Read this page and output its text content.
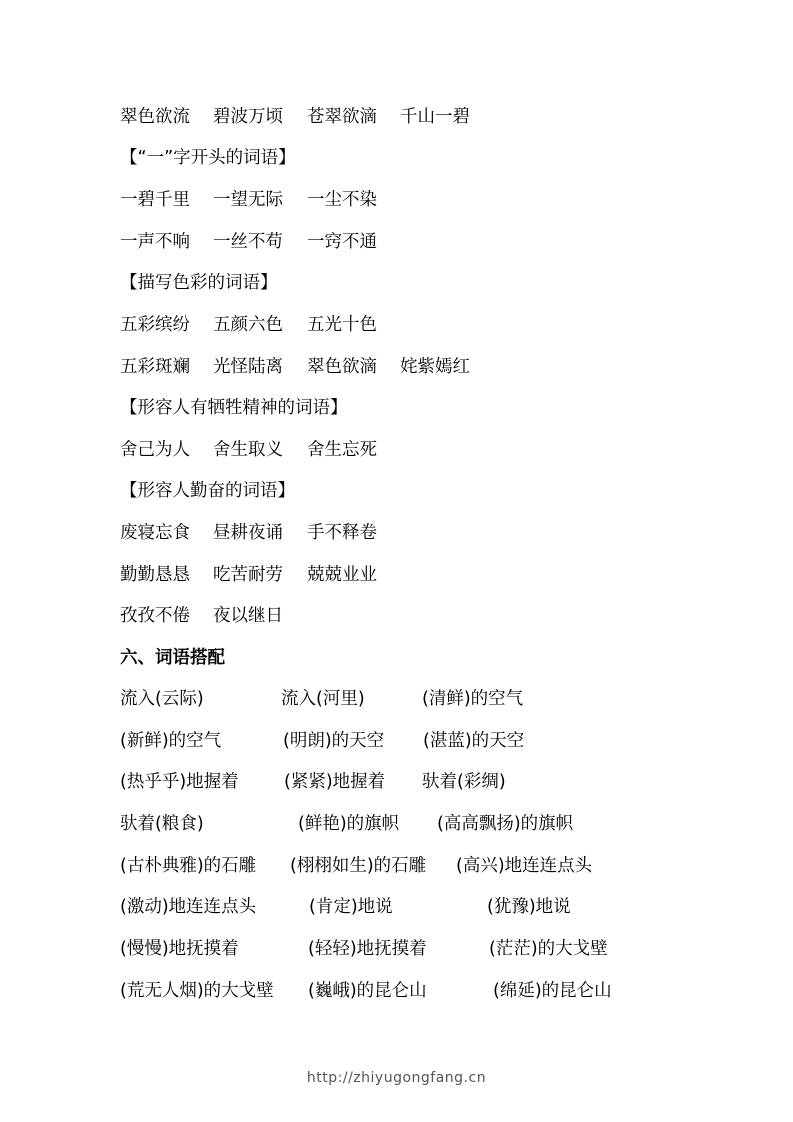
翠色欲流 碧波万顷 苍翠欲滴 千山一碧
【“一”字开头的词语】
一碧千里 一望无际 一尘不染
一声不响 一丝不苟 一窍不通
【描写色彩的词语】
五彩缤纷 五颜六色 五光十色
五彩斑斓 光怪陆离 翠色欲滴 姹紫嫣红
【形容人有牺牲精神的词语】
舍己为人 舍生取义 舍生忘死
【形容人勤奋的词语】
废寝忘食 昼耕夜诵 手不释卷
勤勤恳恳 吃苦耐劳 兢兢业业
孜孜不倦 夜以继日
六、词语搭配
流入(云际)	流入(河里)	(清鲜)的空气
(新鲜)的空气	(明朗)的天空 (湛蓝)的天空
(热乎乎)地握着	(紧紧)地握着 驮着(彩绸)
驮着(粮食)	(鲜艳)的旗帜 (高高飘扬)的旗帜
(古朴典雅)的石雕 (栩栩如生)的石雕 (高兴)地连连点头
(激动)地连连点头	(肯定)地说	(犹豫)地说
(慢慢)地抚摸着	(轻轻)地抚摸着	(茫茫)的大戈壁
(荒无人烟)的大戈壁 (巍峨)的昆仑山	(绵延)的昆仑山
http://zhiyugongfang.cn
